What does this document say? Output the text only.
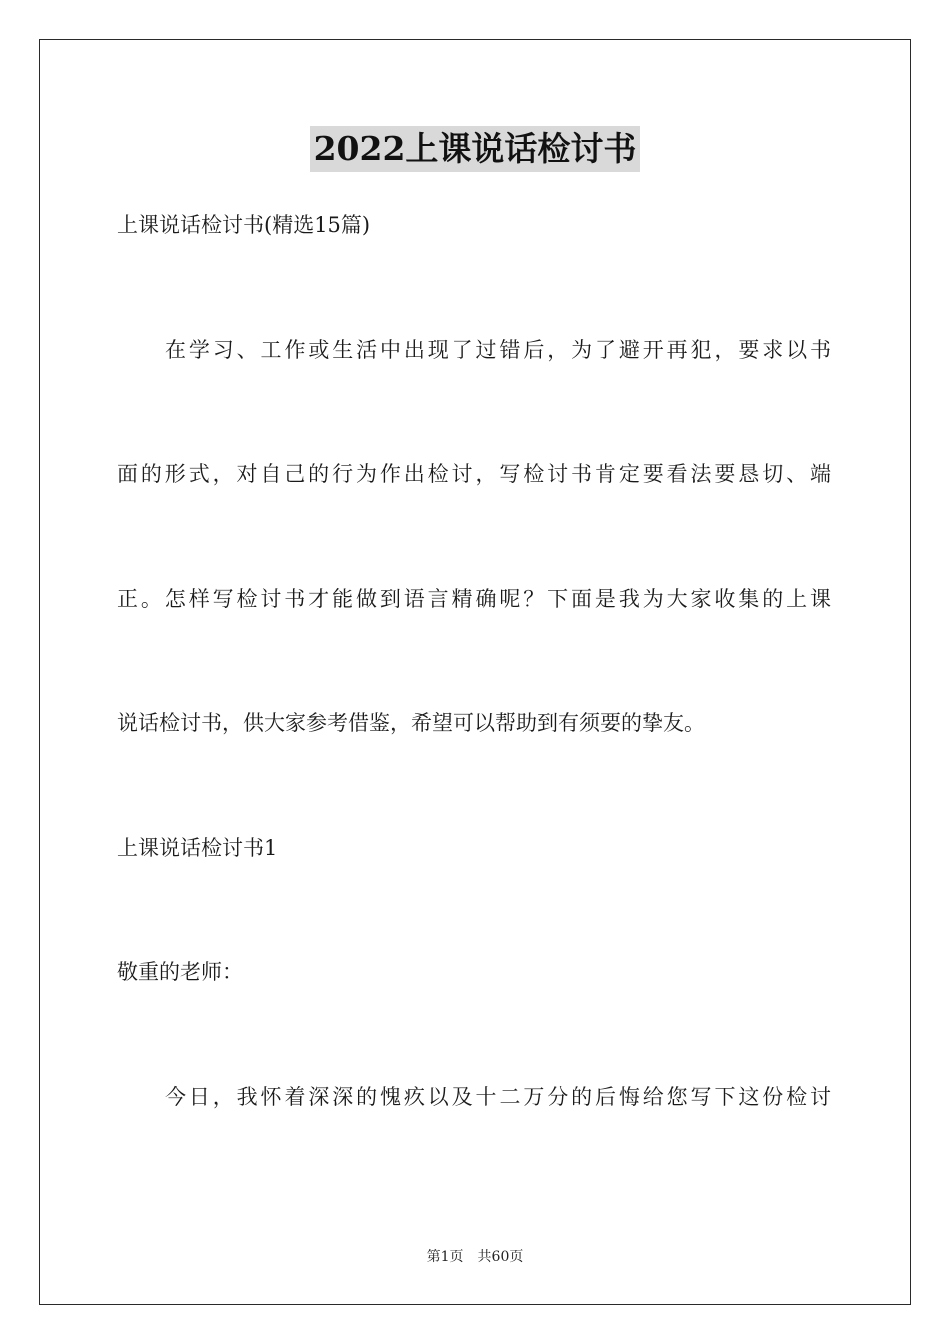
2022上课说话检讨书
上课说话检讨书(精选15篇)
在学习、工作或生活中出现了过错后，为了避开再犯，要求以书
面的形式，对自己的行为作出检讨，写检讨书肯定要看法要恳切、端
正。怎样写检讨书才能做到语言精确呢？下面是我为大家收集的上课
说话检讨书，供大家参考借鉴，希望可以帮助到有须要的挚友。
上课说话检讨书1
敬重的老师：
今日，我怀着深深的愧疚以及十二万分的后悔给您写下这份检讨
第1页 共60页
